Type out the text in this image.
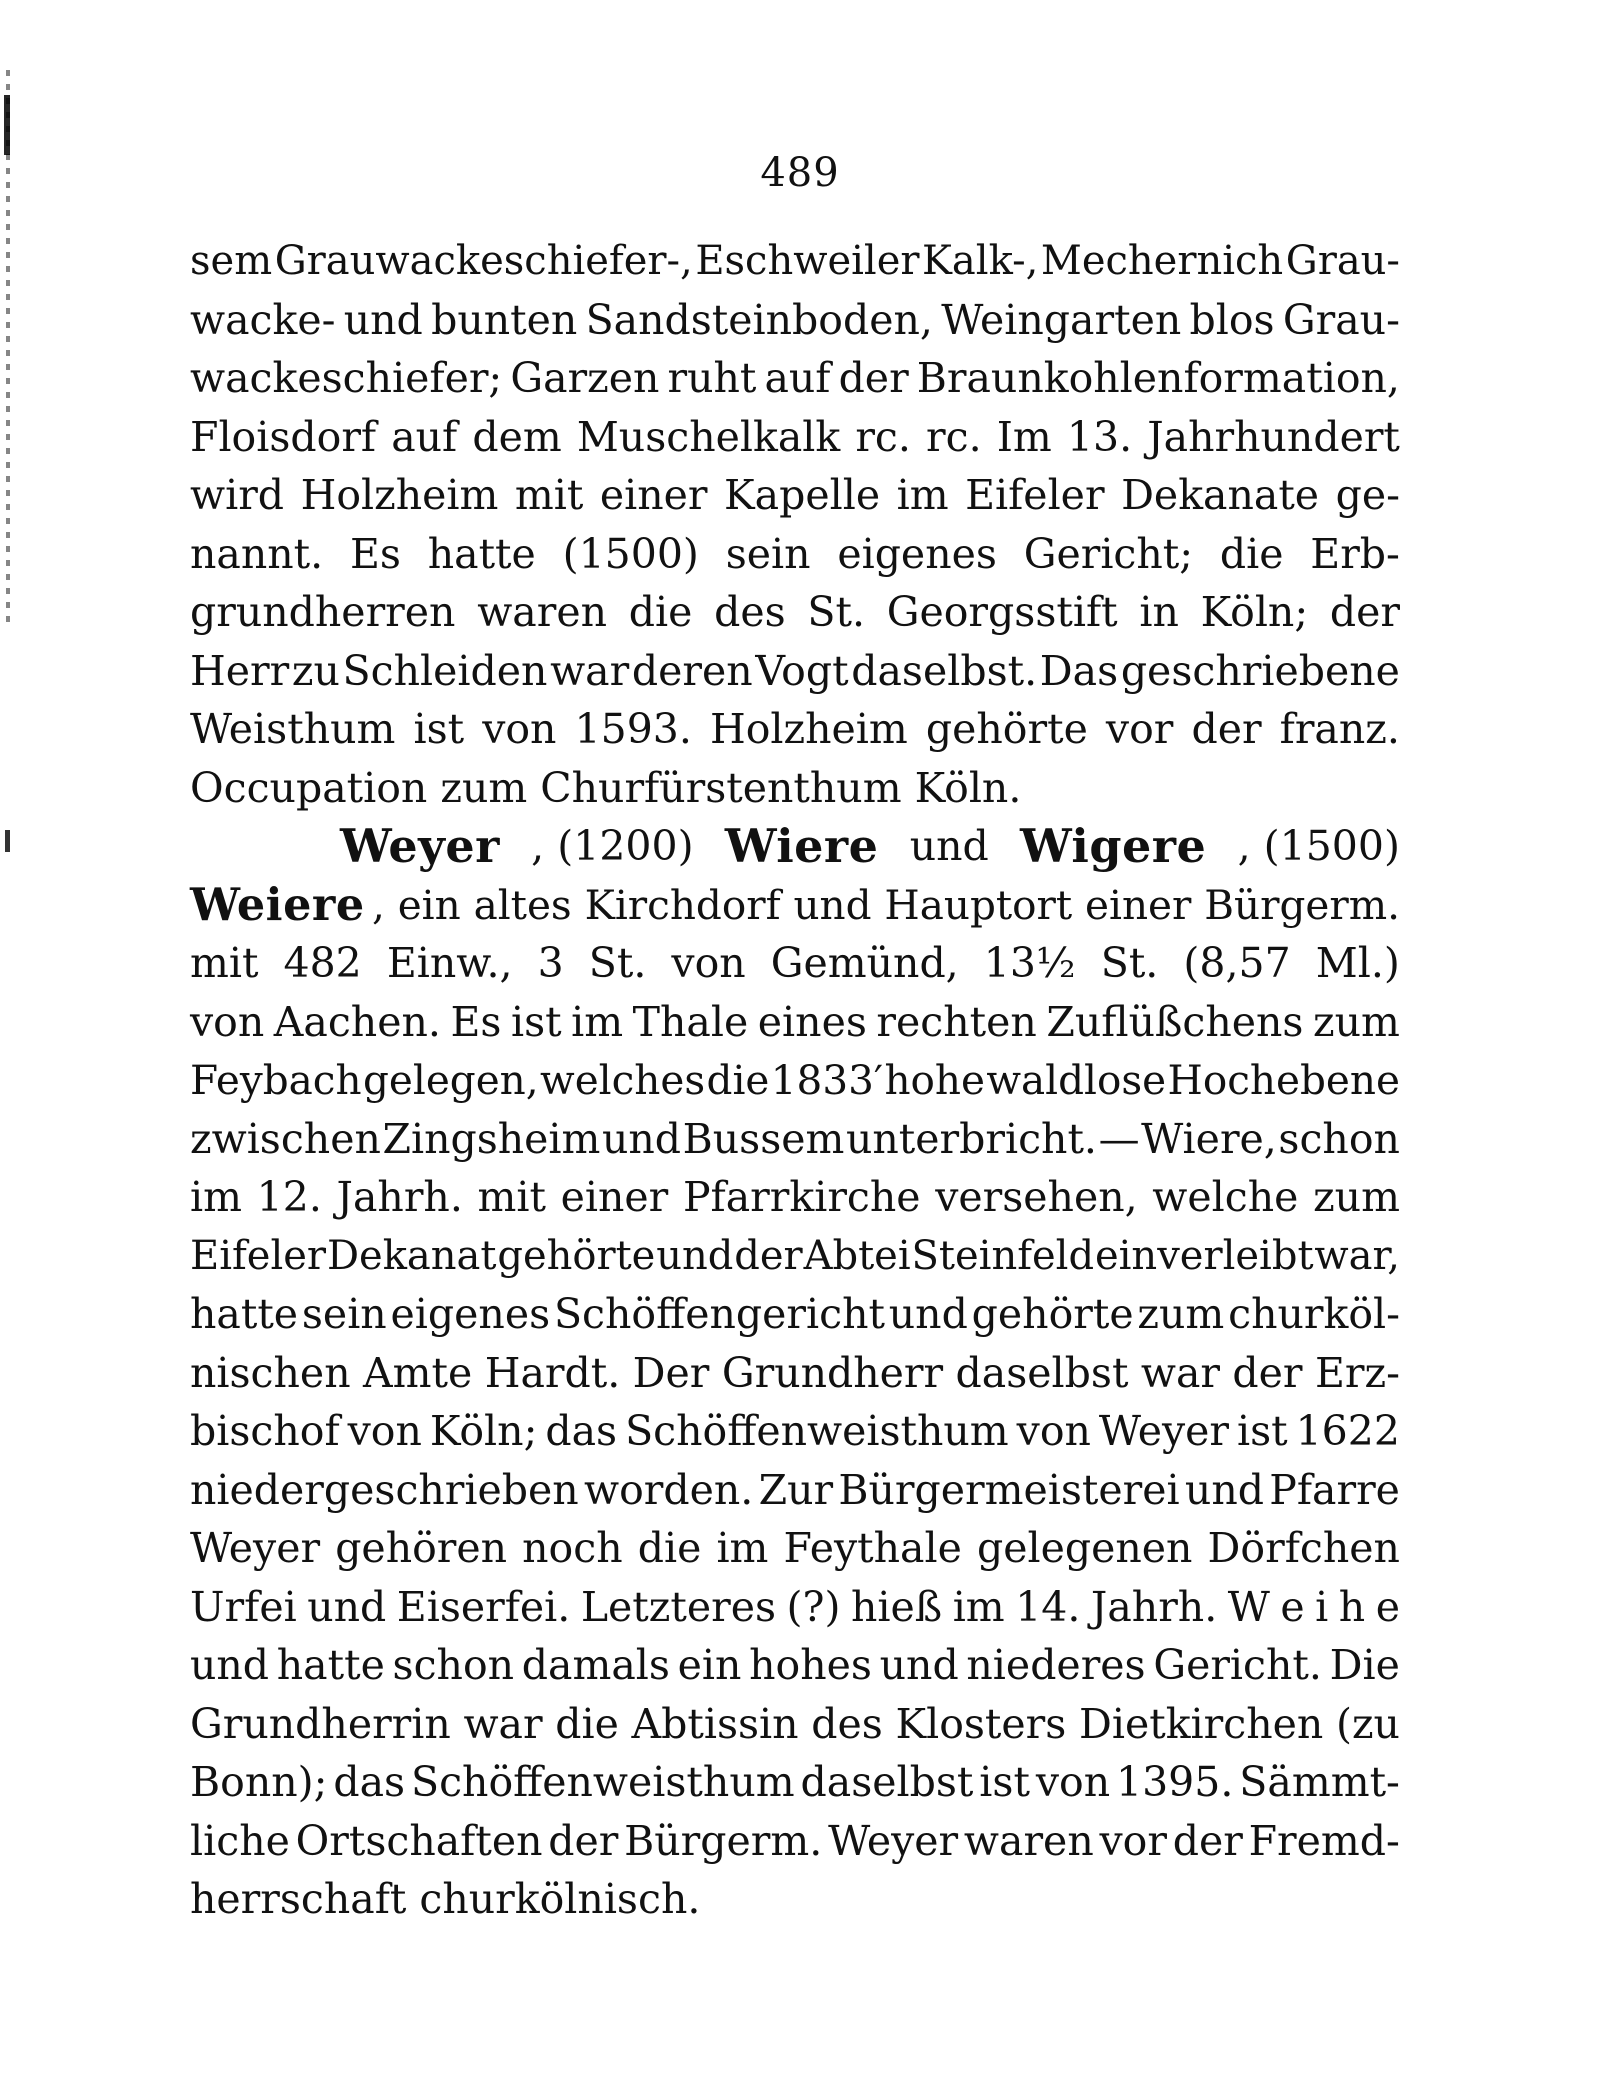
489
sem Grauwackeschiefer-, Eschweiler Kalk-, Mechernich Grau-
wacke- und bunten Sandsteinboden, Weingarten blos Grau-
wackeschiefer; Garzen ruht auf der Braunkohlenformation,
Floisdorf auf dem Muschelkalk rc. rc. Im 13. Jahrhundert
wird Holzheim mit einer Kapelle im Eifeler Dekanate ge-
nannt. Es hatte (1500) sein eigenes Gericht; die Erb-
grundherren waren die des St. Georgsstift in Köln; der
Herr zu Schleiden war deren Vogt daselbst. Das geschriebene
Weisthum ist von 1593. Holzheim gehörte vor der franz.
Occupation zum Churfürstenthum Köln.
Weyer , (1200) Wiere und Wigere , (1500)
Weiere , ein altes Kirchdorf und Hauptort einer Bürgerm.
mit 482 Einw., 3 St. von Gemünd, 13½ St. (8,57 Ml.)
von Aachen. Es ist im Thale eines rechten Zuflüßchens zum
Feybach gelegen, welches die 1833′ hohe waldlose Hochebene
zwischen Zingsheim und Bussem unterbricht. — Wiere, schon
im 12. Jahrh. mit einer Pfarrkirche versehen, welche zum
Eifeler Dekanat gehörte und der Abtei Steinfeld einverleibt war,
hatte sein eigenes Schöffengericht und gehörte zum churköl-
nischen Amte Hardt. Der Grundherr daselbst war der Erz-
bischof von Köln; das Schöffenweisthum von Weyer ist 1622
niedergeschrieben worden. Zur Bürgermeisterei und Pfarre
Weyer gehören noch die im Feythale gelegenen Dörfchen
Urfei und Eiserfei. Letzteres (?) hieß im 14. Jahrh. W e i h e
und hatte schon damals ein hohes und niederes Gericht. Die
Grundherrin war die Abtissin des Klosters Dietkirchen (zu
Bonn); das Schöffenweisthum daselbst ist von 1395. Sämmt-
liche Ortschaften der Bürgerm. Weyer waren vor der Fremd-
herrschaft churkölnisch.
